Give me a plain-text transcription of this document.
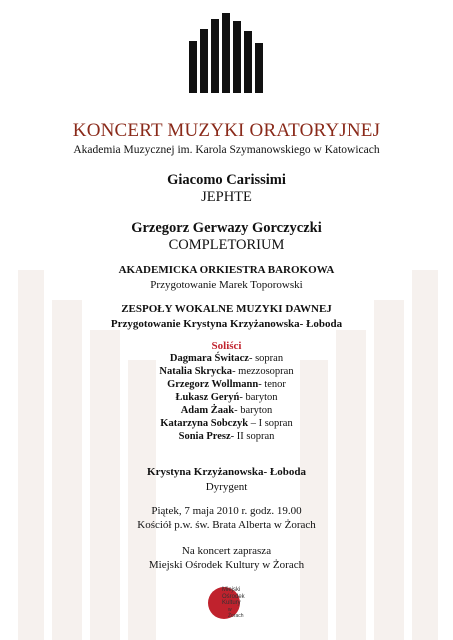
KONCERT MUZYKI ORATORYJNEJ
Akademia Muzycznej im. Karola Szymanowskiego w Katowicach
Giacomo Carissimi
JEPHTE
Grzegorz Gerwazy Gorczyczki
COMPLETORIUM
AKADEMICKA ORKIESTRA BAROKOWA
Przygotowanie Marek Toporowski
ZESPOŁY WOKALNE MUZYKI DAWNEJ
Przygotowanie Krystyna Krzyżanowska- Łoboda
Soliści
Dagmara Świtacz- sopran
Natalia Skrycka- mezzosopran
Grzegorz Wollmann- tenor
Łukasz Geryń- baryton
Adam Żaak- baryton
Katarzyna Sobczyk – I sopran
Sonia Presz- II sopran
Krystyna Krzyżanowska- Łoboda
Dyrygent
Piątek, 7 maja 2010 r. godz. 19.00
Kościół p.w. św. Brata Alberta w Żorach
Na koncert zaprasza
Miejski Ośrodek Kultury w Żorach
Miejski
Ośrodek
Kultury
w Żorach
